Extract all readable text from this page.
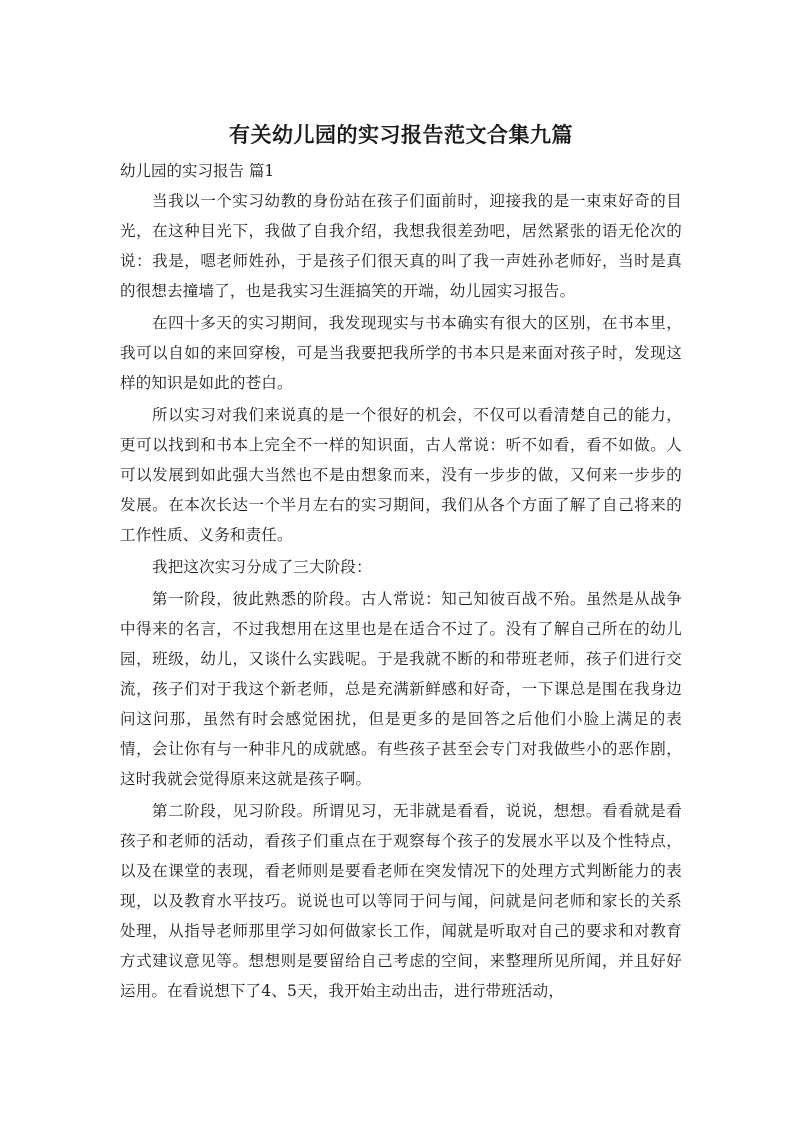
有关幼儿园的实习报告范文合集九篇

幼儿园的实习报告 篇1

当我以一个实习幼教的身份站在孩子们面前时，迎接我的是一束束好奇的目光，在这种目光下，我做了自我介绍，我想我很差劲吧，居然紧张的语无伦次的说：我是，嗯老师姓孙，于是孩子们很天真的叫了我一声姓孙老师好，当时是真的很想去撞墙了，也是我实习生涯搞笑的开端，幼儿园实习报告。

在四十多天的实习期间，我发现现实与书本确实有很大的区别，在书本里，我可以自如的来回穿梭，可是当我要把我所学的书本只是来面对孩子时，发现这样的知识是如此的苍白。

所以实习对我们来说真的是一个很好的机会，不仅可以看清楚自己的能力，更可以找到和书本上完全不一样的知识面，古人常说：听不如看，看不如做。人可以发展到如此强大当然也不是由想象而来，没有一步步的做，又何来一步步的发展。在本次长达一个半月左右的实习期间，我们从各个方面了解了自己将来的工作性质、义务和责任。

我把这次实习分成了三大阶段：

第一阶段，彼此熟悉的阶段。古人常说：知己知彼百战不殆。虽然是从战争中得来的名言，不过我想用在这里也是在适合不过了。没有了解自己所在的幼儿园，班级，幼儿，又谈什么实践呢。于是我就不断的和带班老师，孩子们进行交流，孩子们对于我这个新老师，总是充满新鲜感和好奇，一下课总是围在我身边问这问那，虽然有时会感觉困扰，但是更多的是回答之后他们小脸上满足的表情，会让你有与一种非凡的成就感。有些孩子甚至会专门对我做些小的恶作剧，这时我就会觉得原来这就是孩子啊。

第二阶段，见习阶段。所谓见习，无非就是看看，说说，想想。看看就是看孩子和老师的活动，看孩子们重点在于观察每个孩子的发展水平以及个性特点，以及在课堂的表现，看老师则是要看老师在突发情况下的处理方式判断能力的表现，以及教育水平技巧。说说也可以等同于问与闻，问就是问老师和家长的关系处理，从指导老师那里学习如何做家长工作，闻就是听取对自己的要求和对教育方式建议意见等。想想则是要留给自己考虑的空间，来整理所见所闻，并且好好运用。在看说想下了4、5天，我开始主动出击，进行带班活动，
